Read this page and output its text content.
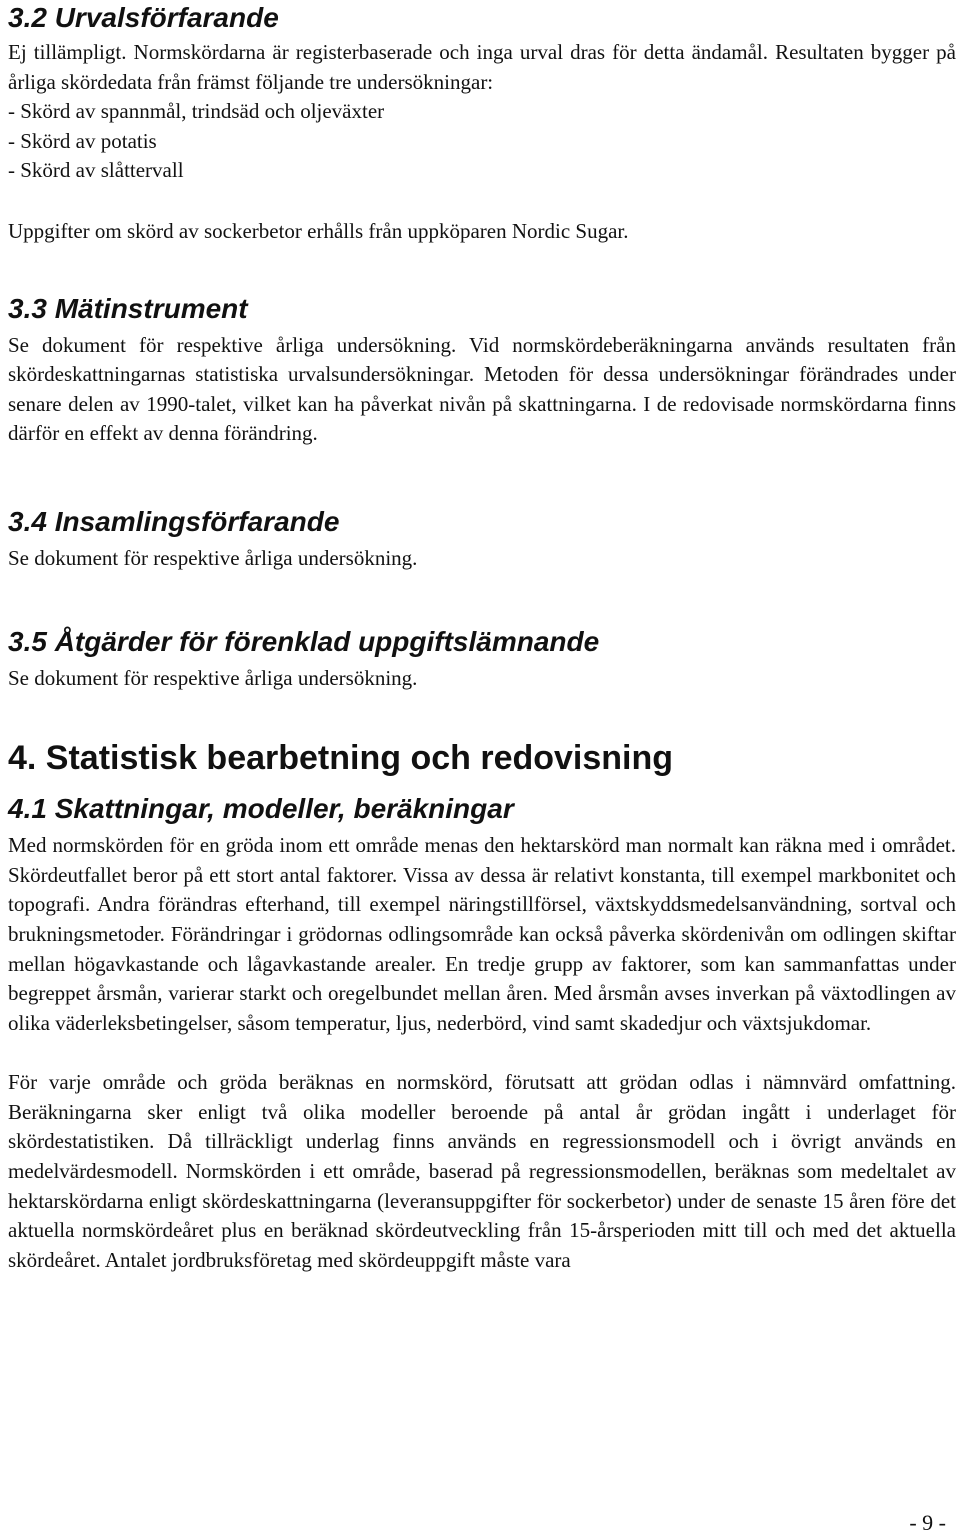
3.2 Urvalsförfarande

Ej tillämpligt. Normskördarna är registerbaserade och inga urval dras för detta ändamål. Resultaten bygger på årliga skördedata från främst följande tre undersökningar:

- Skörd av spannmål, trindsäd och oljeväxter

- Skörd av potatis

- Skörd av slåttervall

Uppgifter om skörd av sockerbetor erhålls från uppköparen Nordic Sugar.

3.3 Mätinstrument

Se dokument för respektive årliga undersökning. Vid normskördeberäkningarna används resultaten från skördeskattningarnas statistiska urvalsundersökningar. Metoden för dessa undersökningar förändrades under senare delen av 1990-talet, vilket kan ha påverkat nivån på skattningarna. I de redovisade normskördarna finns därför en effekt av denna förändring.

3.4 Insamlingsförfarande

Se dokument för respektive årliga undersökning.

3.5 Åtgärder för förenklad uppgiftslämnande

Se dokument för respektive årliga undersökning.

4. Statistisk bearbetning och redovisning
4.1 Skattningar, modeller, beräkningar

Med normskörden för en gröda inom ett område menas den hektarskörd man normalt kan räkna med i området. Skördeutfallet beror på ett stort antal faktorer. Vissa av dessa är relativt konstanta, till exempel markbonitet och topografi. Andra förändras efterhand, till exempel näringstillförsel, växtskyddsmedelsanvändning, sortval och brukningsmetoder. Förändringar i grödornas odlingsområde kan också påverka skördenivån om odlingen skiftar mellan högavkastande och lågavkastande arealer. En tredje grupp av faktorer, som kan sammanfattas under begreppet årsmån, varierar starkt och oregelbundet mellan åren. Med årsmån avses inverkan på växtodlingen av olika väderleksbetingelser, såsom temperatur, ljus, nederbörd, vind samt skadedjur och växtsjukdomar.

För varje område och gröda beräknas en normskörd, förutsatt att grödan odlas i nämnvärd omfattning. Beräkningarna sker enligt två olika modeller beroende på antal år grödan ingått i underlaget för skördestatistiken. Då tillräckligt underlag finns används en regressionsmodell och i övrigt används en medelvärdesmodell. Normskörden i ett område, baserad på regressionsmodellen, beräknas som medeltalet av hektarskördarna enligt skördeskattningarna (leveransuppgifter för sockerbetor) under de senaste 15 åren före det aktuella normskördeåret plus en beräknad skördeutveckling från 15-årsperioden mitt till och med det aktuella skördeåret. Antalet jordbruksföretag med skördeuppgift måste vara

- 9 -
